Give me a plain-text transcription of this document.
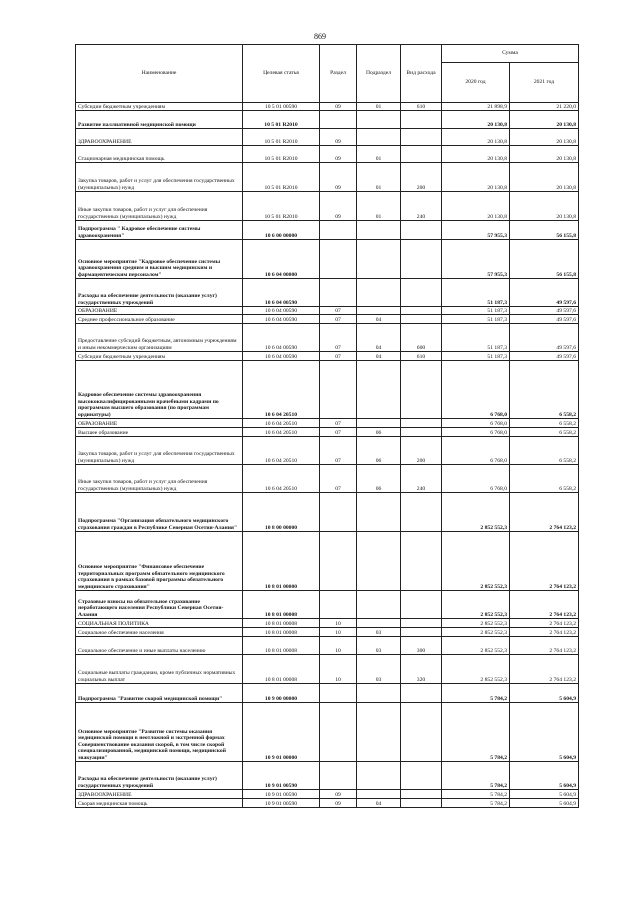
869
Наименование	Целевая статья	Раздел	Подраздел	Вид расхода	Сумма	
					2020 год	2021 год
Субсидии бюджетным учреждениям	10 5 01 00590	09	01	610	21 898,9	21 220,0
Развитие паллиативной медицинской помощи	10 5 01 R2010				20 130,8	20 130,8
ЗДРАВООХРАНЕНИЕ	10 5 01 R2010	09			20 130,8	20 130,8
Стационарная медицинская помощь	10 5 01 R2010	09	01		20 130,8	20 130,8
Закупка товаров, работ и услуг для обеспечения государственных (муниципальных) нужд	10 5 01 R2010	09	01	200	20 130,8	20 130,8
Иные закупки товаров, работ и услуг для обеспечения государственных (муниципальных) нужд	10 5 01 R2010	09	01	240	20 130,8	20 130,8
Подпрограмма " Кадровое обеспечение системы здравоохранения"	10 6 00 00000				57 955,3	56 155,8
Основное мероприятие "Кадровое обеспечение системы здравоохранения средним и высшим медицинским и фармацевтическим персоналом"	10 6 04 00000				57 955,3	56 155,8
Расходы на обеспечение деятельности (оказание услуг) государственных учреждений	10 6 04 00590				51 187,3	49 597,6
ОБРАЗОВАНИЕ	10 6 04 00590	07			51 187,3	49 597,6
Среднее профессиональное образование	10 6 04 00590	07	04		51 187,3	49 597,6
Предоставление субсидий бюджетным, автономным учреждениям и иным некоммерческим организациям	10 6 04 00590	07	04	600	51 187,3	49 597,6
Субсидии бюджетным учреждениям	10 6 04 00590	07	04	610	51 187,3	49 597,6
Кадровое обеспечение системы здравоохранения высококвалифицированными врачебными кадрами по программам высшего образования (по программам ординатуры)	10 6 04 20510				6 768,0	6 558,2
ОБРАЗОВАНИЕ	10 6 04 20510	07			6 768,0	6 558,2
Высшее образование	10 6 04 20510	07	06		6 768,0	6 558,2
Закупка товаров, работ и услуг для обеспечения государственных (муниципальных) нужд	10 6 04 20510	07	06	200	6 768,0	6 558,2
Иные закупки товаров, работ и услуг для обеспечения государственных (муниципальных) нужд	10 6 04 20510	07	06	240	6 768,0	6 558,2
Подпрограмма "Организация обязательного медицинского страхования граждан в Республике Северная Осетия-Алания"	10 8 00 00000				2 852 552,3	2 764 123,2
Основное мероприятие "Финансовое обеспечение территориальных программ обязательного медицинского страхования в рамках базовой программы обязательного медицинского страхования"	10 8 01 00000				2 852 552,3	2 764 123,2
Страховые взносы на обязательное страхование неработающего населения Республики Северная Осетия-Алания	10 8 01 00008				2 852 552,3	2 764 123,2
СОЦИАЛЬНАЯ ПОЛИТИКА	10 8 01 00008	10			2 852 552,3	2 764 123,2
Социальное обеспечение населения	10 8 01 00008	10	03		2 852 552,3	2 764 123,2
Социальное обеспечение и иные выплаты населению	10 8 01 00008	10	03	300	2 852 552,3	2 764 123,2
Социальные выплаты гражданам, кроме публичных нормативных социальных выплат	10 8 01 00008	10	03	320	2 852 552,3	2 764 123,2
Подпрограмма "Развитие скорой медицинской помощи"	10 9 00 00000				5 784,2	5 604,9
Основное мероприятие "Развитие системы оказания медицинской помощи в неотложной и экстренной формах Совершенствование оказания скорой, в том числе скорой специализированной, медицинской помощи, медицинской эвакуации"	10 9 01 00000				5 784,2	5 604,9
Расходы на обеспечение деятельности (оказание услуг) государственных учреждений	10 9 01 00590				5 784,2	5 604,9
ЗДРАВООХРАНЕНИЕ	10 9 01 00590	09			5 784,2	5 604,9
Скорая медицинская помощь	10 9 01 00590	09	04		5 784,2	5 604,9
